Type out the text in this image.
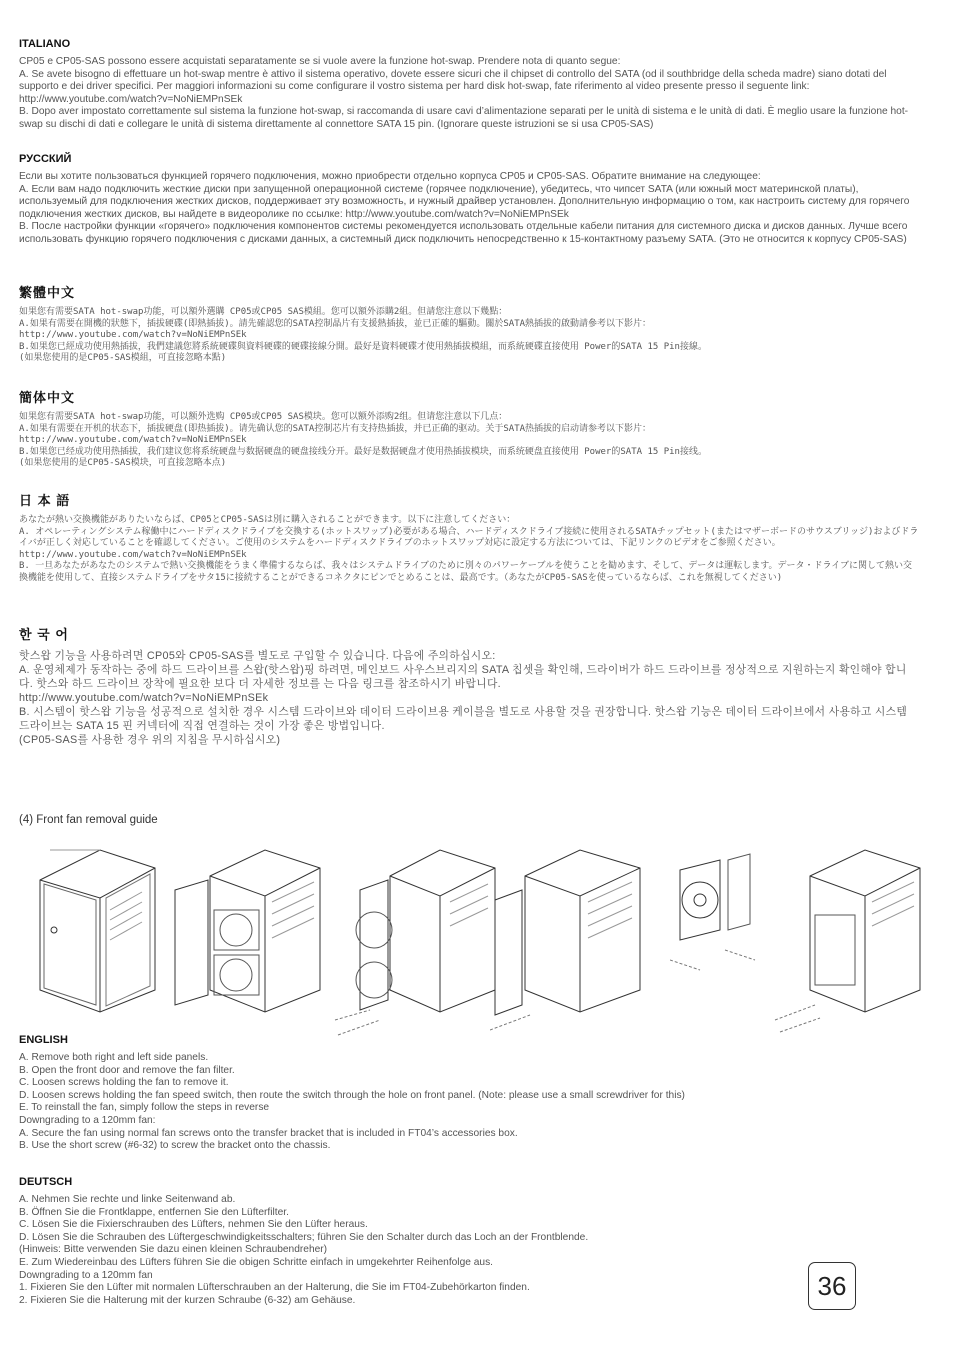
ITALIANO

CP05 e CP05-SAS possono essere acquistati separatamente se si vuole avere la funzione hot-swap. Prendere nota di quanto segue:

A. Se avete bisogno di effettuare un hot-swap mentre è attivo il sistema operativo, dovete essere sicuri che il chipset di controllo del SATA (od il southbridge della scheda madre) siano dotati del supporto e dei driver specifici. Per maggiori informazioni su come configurare il vostro sistema per hard disk hot-swap, fate riferimento al video presente presso il seguente link: http://www.youtube.com/watch?v=NoNiEMPnSEk

B. Dopo aver impostato correttamente sul sistema la funzione hot-swap, si raccomanda di usare cavi d’alimentazione separati per le unità di sistema e le unità di dati. È meglio usare la funzione hot-swap su dischi di dati e collegare le unità di sistema direttamente al connettore SATA 15 pin. (Ignorare queste istruzioni se si usa CP05-SAS)

РУССКИЙ

Если вы хотите пользоваться функцией горячего подключения, можно приобрести отдельно корпуса CP05 и CP05-SAS. Обратите внимание на следующее:

A. Если вам надо подключить жесткие диски при запущенной операционной системе (горячее подключение), убедитесь, что чипсет SATA (или южный мост материнской платы), используемый для подключения жестких дисков, поддерживает эту возможность, и нужный драйвер установлен. Дополнительную информацию о том, как настроить систему для горячего подключения жестких дисков, вы найдете в видеоролике по ссылке: http://www.youtube.com/watch?v=NoNiEMPnSEk

B. После настройки функции «горячего» подключения компонентов системы рекомендуется использовать отдельные кабели питания для системного диска и дисков данных. Лучше всего использовать функцию горячего подключения с дисками данных, а системный диск подключить непосредственно к 15-контактному разъему SATA. (Это не относится к корпусу CP05-SAS)

繁體中文

如果您有需要SATA hot-swap功能，可以額外選購 CP05或CP05 SAS模組。您可以額外添購2組。但請您注意以下幾點：

A.如果有需要在開機的狀態下，插拔硬碟(即熱插拔)。請先確認您的SATA控制晶片有支援熱插拔，並已正確的驅動。關於SATA熱插拔的啟動請參考以下影片：

http://www.youtube.com/watch?v=NoNiEMPnSEk

B.如果您已經成功使用熱插拔，我們建議您將系統硬碟與資料硬碟的硬碟接線分開。最好是資料硬碟才使用熱插拔模組，而系統硬碟直接使用 Power的SATA 15 Pin接線。

(如果您使用的是CP05-SAS模組，可直接忽略本點)

簡体中文

如果您有需要SATA hot-swap功能，可以额外选购 CP05或CP05 SAS模块。您可以额外添购2组。但请您注意以下几点：

A.如果有需要在开机的状态下，插拔硬盘(即热插拔)。请先确认您的SATA控制芯片有支持热插拔，并已正确的驱动。关于SATA热插拔的启动请参考以下影片：

http://www.youtube.com/watch?v=NoNiEMPnSEk

B.如果您已经成功使用热插拔，我们建议您将系统硬盘与数据硬盘的硬盘接线分开。最好是数据硬盘才使用热插拔模块，而系统硬盘直接使用 Power的SATA 15 Pin接线。

(如果您使用的是CP05-SAS模块，可直接忽略本点)

日 本 語

あなたが熱い交換機能がありたいならば、CP05とCP05-SASは別に購入されることができます。以下に注意してください：

A. オペレーティングシステム稼働中にハードディスクドライブを交換する(ホットスワップ)必要がある場合、ハードディスクドライブ接続に使用されるSATAチップセット(またはマザーボードのサウスブリッジ)およびドライバが正しく対応していることを確認してください。ご使用のシステムをハードディスクドライブのホットスワップ対応に設定する方法については、下記リンクのビデオをご参照ください。http://www.youtube.com/watch?v=NoNiEMPnSEk

B. 一旦あなたがあなたのシステムで熱い交換機能をうまく準備するならば、我々はシステムドライブのために別々のパワーケーブルを使うことを勧めます、そして、データは運転します。データ・ドライブに関して熱い交換機能を使用して、直接システムドライブをサタ15に接続することができるコネクタにピンでとめることは、最高です。（あなたがCP05-SASを使っているならば、これを無視してください)

한 국 어

핫스왑 기능을 사용하려면 CP05와 CP05-SAS를 별도로 구입할 수 있습니다. 다음에 주의하십시오:

A. 운영체제가 동작하는 중에 하드 드라이브를 스왑(핫스왑)핑 하려면, 메인보드 사우스브리지의 SATA 칩셋을 확인해, 드라이버가 하드 드라이브를 정상적으로 지원하는지 확인해야 합니다. 핫스와 하드 드라이브 장착에 필요한 보다 더 자세한 정보를 는 다음 링크를 참조하시기 바랍니다.

http://www.youtube.com/watch?v=NoNiEMPnSEk

B. 시스템이 핫스왑 기능을 성공적으로 설치한 경우 시스템 드라이브와 데이터 드라이브용 케이블을 별도로 사용할 것을 권장합니다. 핫스왑 기능은 데이터 드라이브에서 사용하고 시스템 드라이브는 SATA 15 핀 커넥터에 직접 연결하는 것이 가장 좋은 방법입니다.

(CP05-SAS를 사용한 경우 위의 지침을 무시하십시오)

(4) Front fan removal guide
ENGLISH

A. Remove both right and left side panels.

B. Open the front door and remove the fan filter.

C. Loosen screws holding the fan to remove it.

D. Loosen screws holding the fan speed switch, then route the switch through the hole on front panel. (Note: please use a small screwdriver for this)

E. To reinstall the fan, simply follow the steps in reverse

Downgrading to a 120mm fan:

A. Secure the fan using normal fan screws onto the transfer bracket that is included in FT04’s accessories box.

B. Use the short screw (#6-32) to screw the bracket onto the chassis.

DEUTSCH

A. Nehmen Sie rechte und linke Seitenwand ab.

B. Öffnen Sie die Frontklappe, entfernen Sie den Lüfterfilter.

C. Lösen Sie die Fixierschrauben des Lüfters, nehmen Sie den Lüfter heraus.

D. Lösen Sie die Schrauben des Lüftergeschwindigkeitsschalters; führen Sie den Schalter durch das Loch an der Frontblende.

(Hinweis: Bitte verwenden Sie dazu einen kleinen Schraubendreher)

E. Zum Wiedereinbau des Lüfters führen Sie die obigen Schritte einfach in umgekehrter Reihenfolge aus.

Downgrading to a 120mm fan

1. Fixieren Sie den Lüfter mit normalen Lüfterschrauben an der Halterung, die Sie im FT04-Zubehörkarton finden.

2. Fixieren Sie die Halterung mit der kurzen Schraube (6-32) am Gehäuse.	36
